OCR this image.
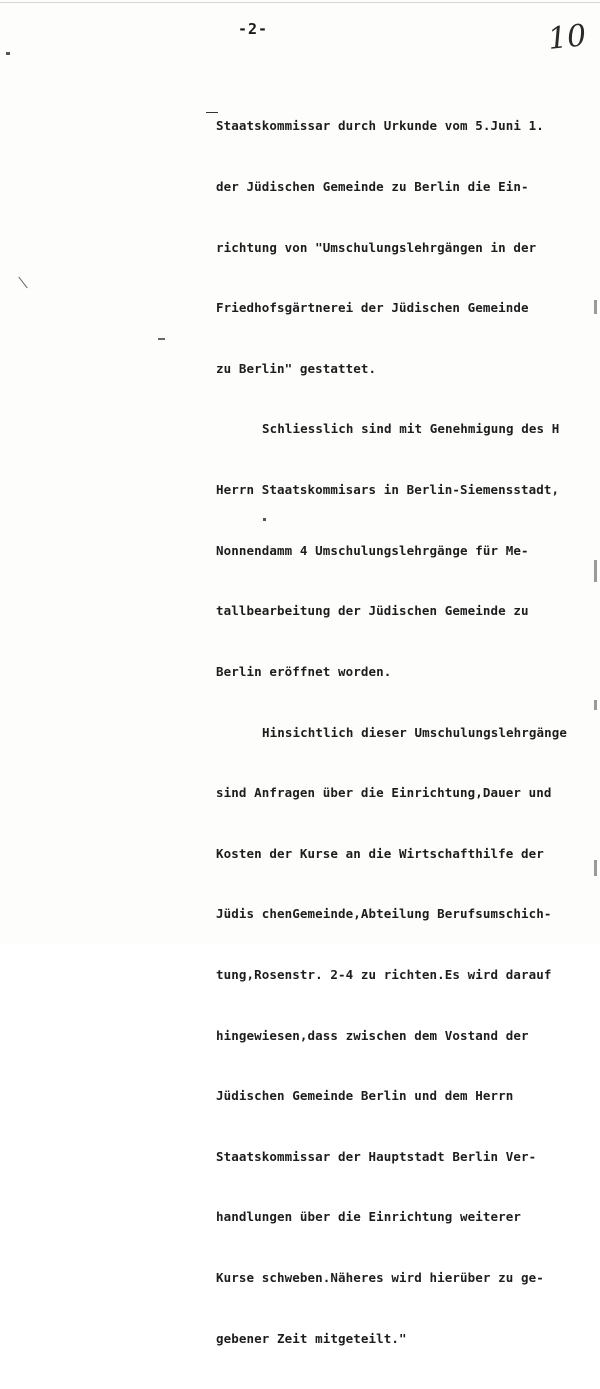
-2-	10

Staatskommissar durch Urkunde vom 5.Juni 1.

der Jüdischen Gemeinde zu Berlin die Ein-

richtung von "Umschulungslehrgängen in der

Friedhofsgärtnerei der Jüdischen Gemeinde

zu Berlin" gestattet.

Schliesslich sind mit Genehmigung des H

Herrn Staatskommisars in Berlin-Siemensstadt,

Nonnendamm 4 Umschulungslehrgänge für Me-

tallbearbeitung der Jüdischen Gemeinde zu

Berlin eröffnet worden.

Hinsichtlich dieser Umschulungslehrgänge

sind Anfragen über die Einrichtung,Dauer und

Kosten der Kurse an die Wirtschafthilfe der

Jüdis chenGemeinde,Abteilung Berufsumschich-

tung,Rosenstr. 2-4 zu richten.Es wird darauf

hingewiesen,dass zwischen dem Vostand der

Jüdischen Gemeinde Berlin und dem Herrn

Staatskommissar der Hauptstadt Berlin Ver-

handlungen über die Einrichtung weiterer

Kurse schweben.Näheres wird hierüber zu ge-

gebener Zeit mitgeteilt."
